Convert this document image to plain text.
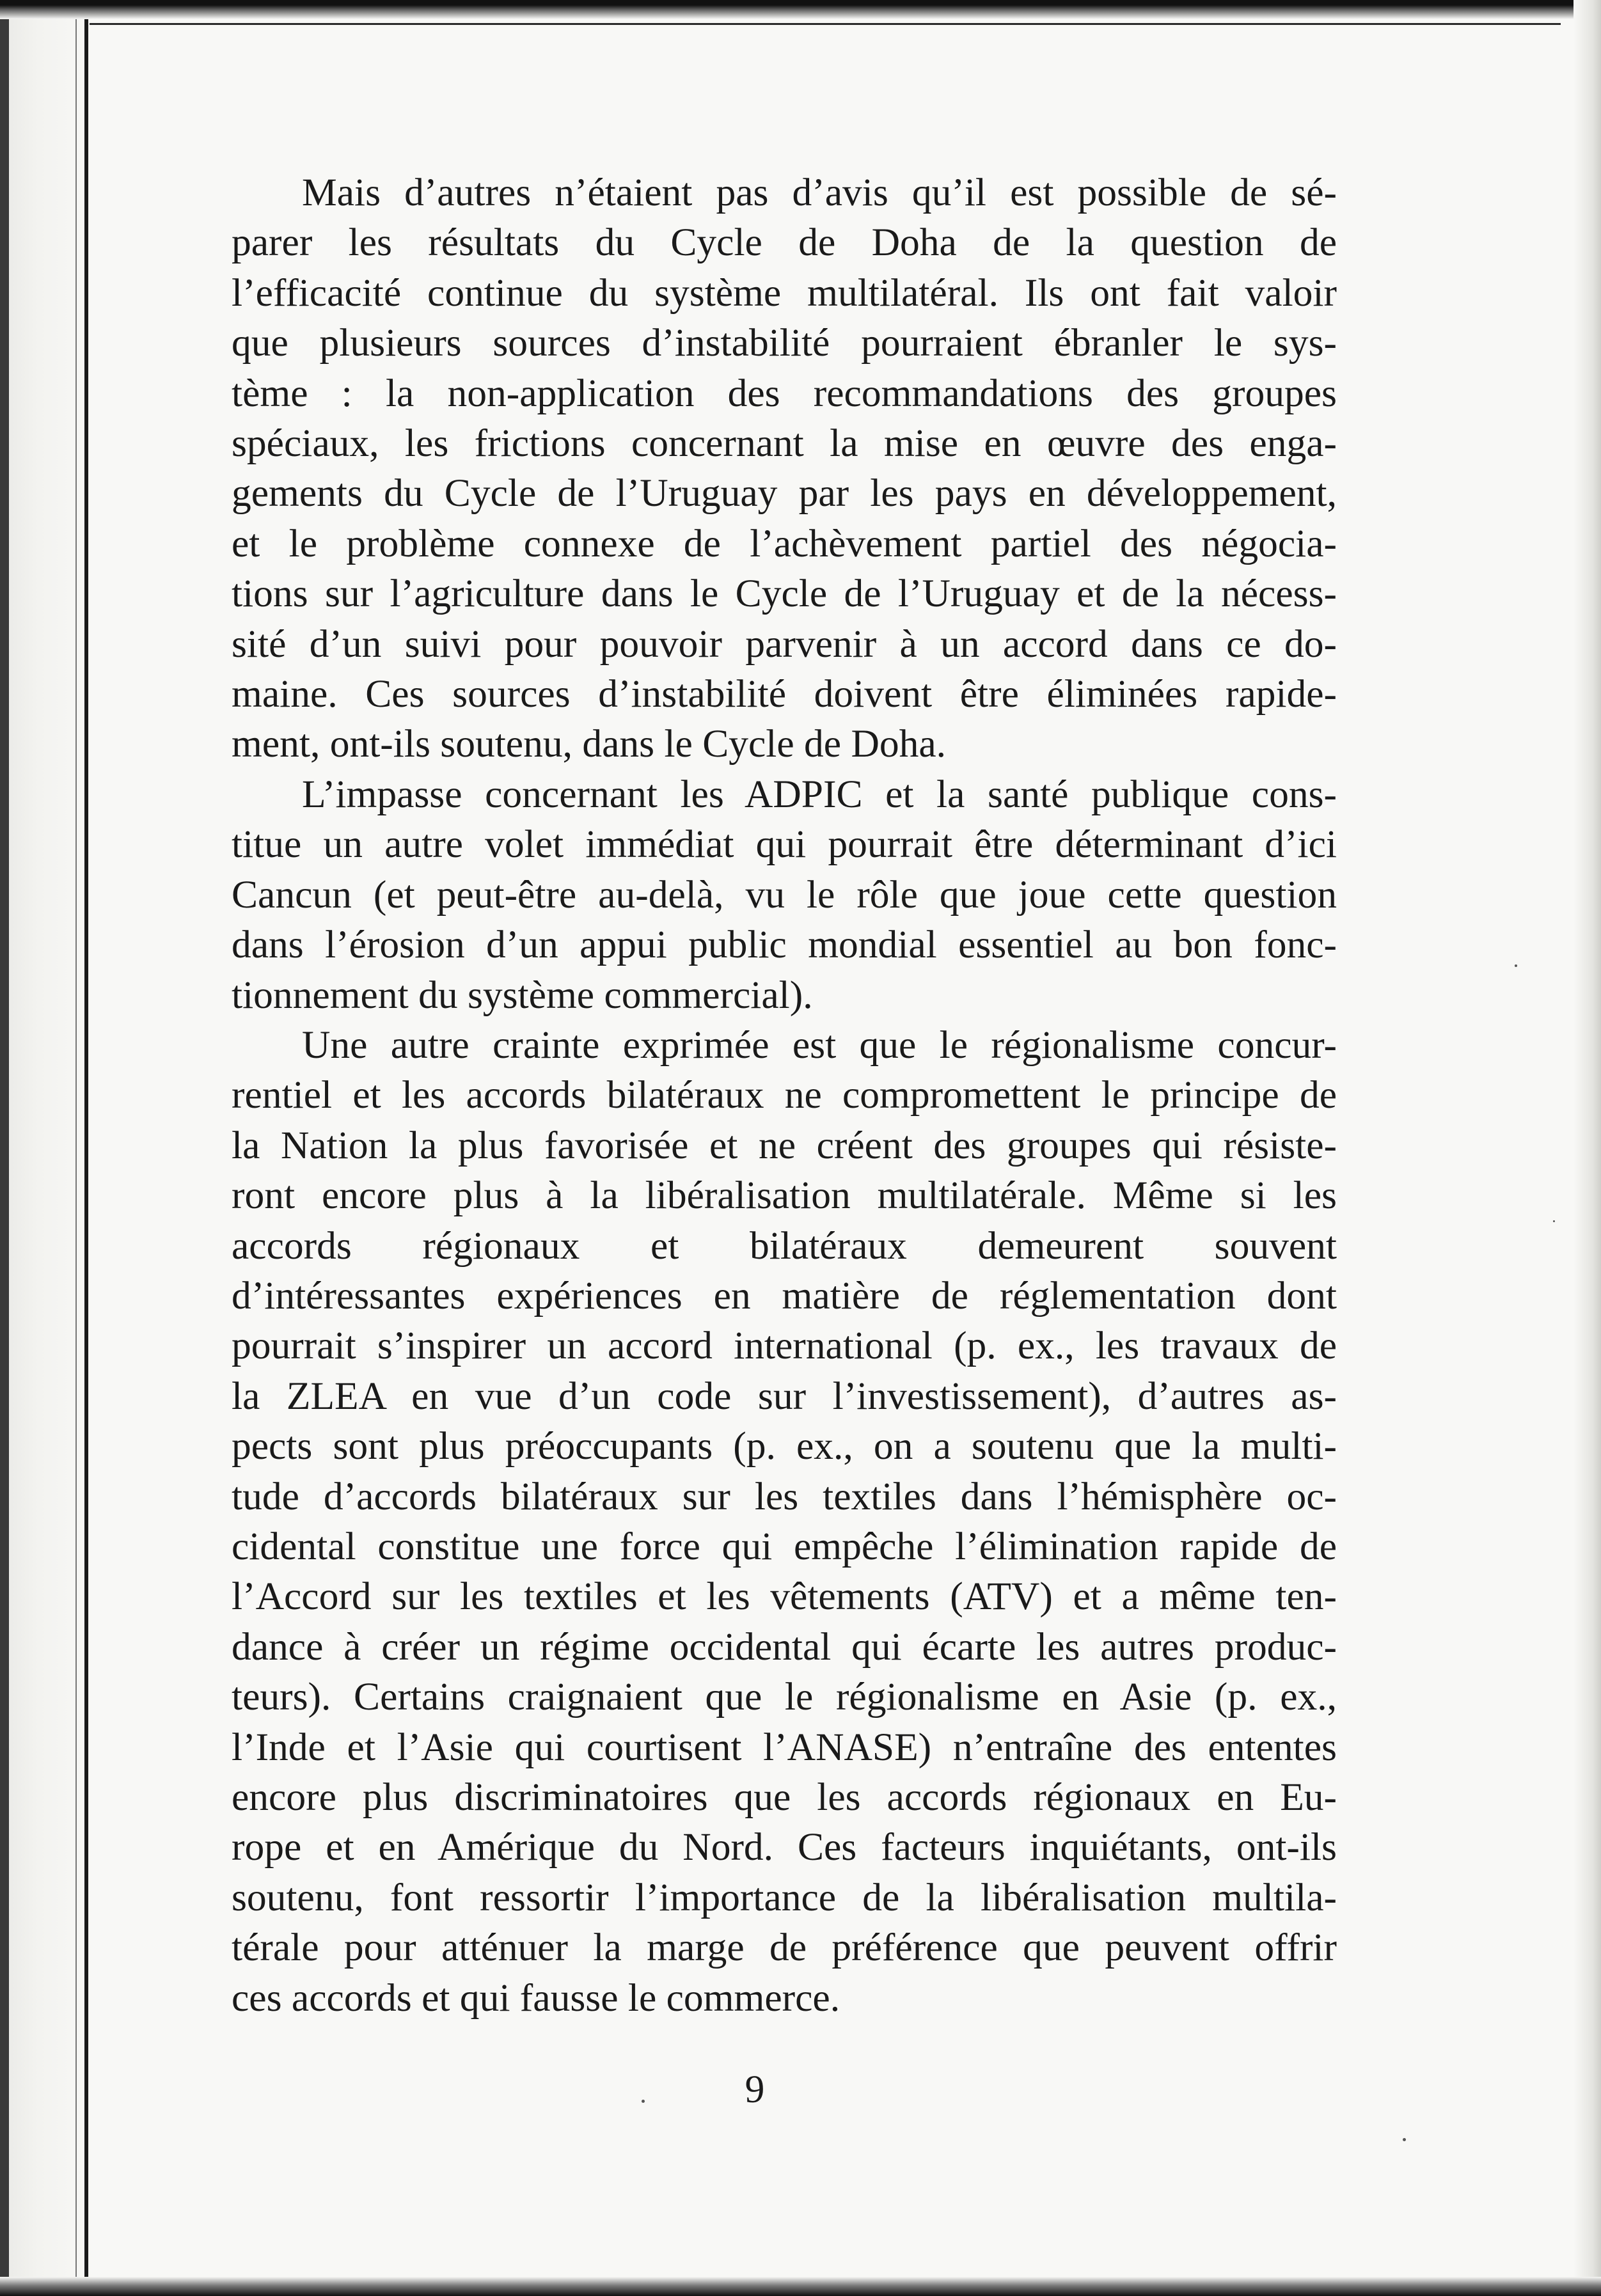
Mais d’autres n’étaient pas d’avis qu’il est possible de sé-
parer les résultats du Cycle de Doha de la question de
l’efficacité continue du système multilatéral. Ils ont fait valoir
que plusieurs sources d’instabilité pourraient ébranler le sys-
tème : la non-application des recommandations des groupes
spéciaux, les frictions concernant la mise en œuvre des enga-
gements du Cycle de l’Uruguay par les pays en développement,
et le problème connexe de l’achèvement partiel des négocia-
tions sur l’agriculture dans le Cycle de l’Uruguay et de la nécess-
sité d’un suivi pour pouvoir parvenir à un accord dans ce do-
maine. Ces sources d’instabilité doivent être éliminées rapide-
ment, ont-ils soutenu, dans le Cycle de Doha.
L’impasse concernant les ADPIC et la santé publique cons-
titue un autre volet immédiat qui pourrait être déterminant d’ici
Cancun (et peut-être au-delà, vu le rôle que joue cette question
dans l’érosion d’un appui public mondial essentiel au bon fonc-
tionnement du système commercial).
Une autre crainte exprimée est que le régionalisme concur-
rentiel et les accords bilatéraux ne compromettent le principe de
la Nation la plus favorisée et ne créent des groupes qui résiste-
ront encore plus à la libéralisation multilatérale. Même si les
accords régionaux et bilatéraux demeurent souvent
d’intéressantes expériences en matière de réglementation dont
pourrait s’inspirer un accord international (p. ex., les travaux de
la ZLEA en vue d’un code sur l’investissement), d’autres as-
pects sont plus préoccupants (p. ex., on a soutenu que la multi-
tude d’accords bilatéraux sur les textiles dans l’hémisphère oc-
cidental constitue une force qui empêche l’élimination rapide de
l’Accord sur les textiles et les vêtements (ATV) et a même ten-
dance à créer un régime occidental qui écarte les autres produc-
teurs). Certains craignaient que le régionalisme en Asie (p. ex.,
l’Inde et l’Asie qui courtisent l’ANASE) n’entraîne des ententes
encore plus discriminatoires que les accords régionaux en Eu-
rope et en Amérique du Nord. Ces facteurs inquiétants, ont-ils
soutenu, font ressortir l’importance de la libéralisation multila-
térale pour atténuer la marge de préférence que peuvent offrir
ces accords et qui fausse le commerce.
9
